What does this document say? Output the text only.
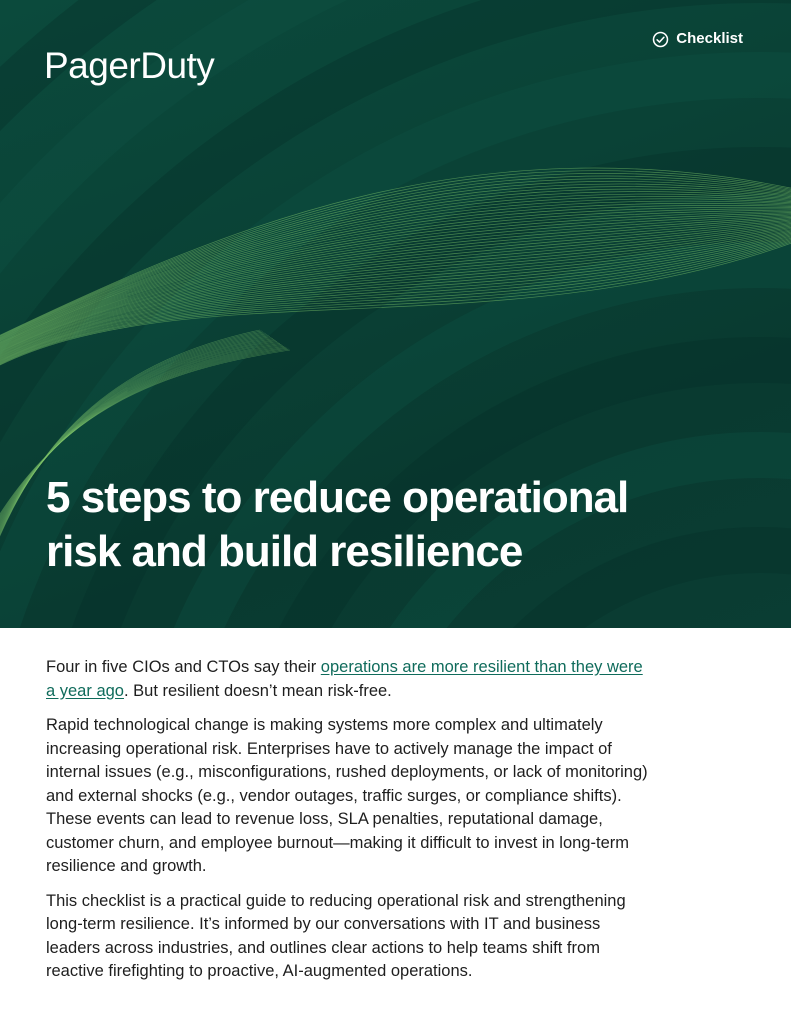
PagerDuty
Checklist
5 steps to reduce operational
risk and build resilience

Four in five CIOs and CTOs say their operations are more resilient than they were a year ago. But resilient doesn’t mean risk-free.

Rapid technological change is making systems more complex and ultimately increasing operational risk. Enterprises have to actively manage the impact of internal issues (e.g., misconfigurations, rushed deployments, or lack of monitoring) and external shocks (e.g., vendor outages, traffic surges, or compliance shifts). These events can lead to revenue loss, SLA penalties, reputational damage, customer churn, and employee burnout—making it difficult to invest in long-term resilience and growth.

This checklist is a practical guide to reducing operational risk and strengthening long-term resilience. It’s informed by our conversations with IT and business leaders across industries, and outlines clear actions to help teams shift from reactive firefighting to proactive, AI-augmented operations.
